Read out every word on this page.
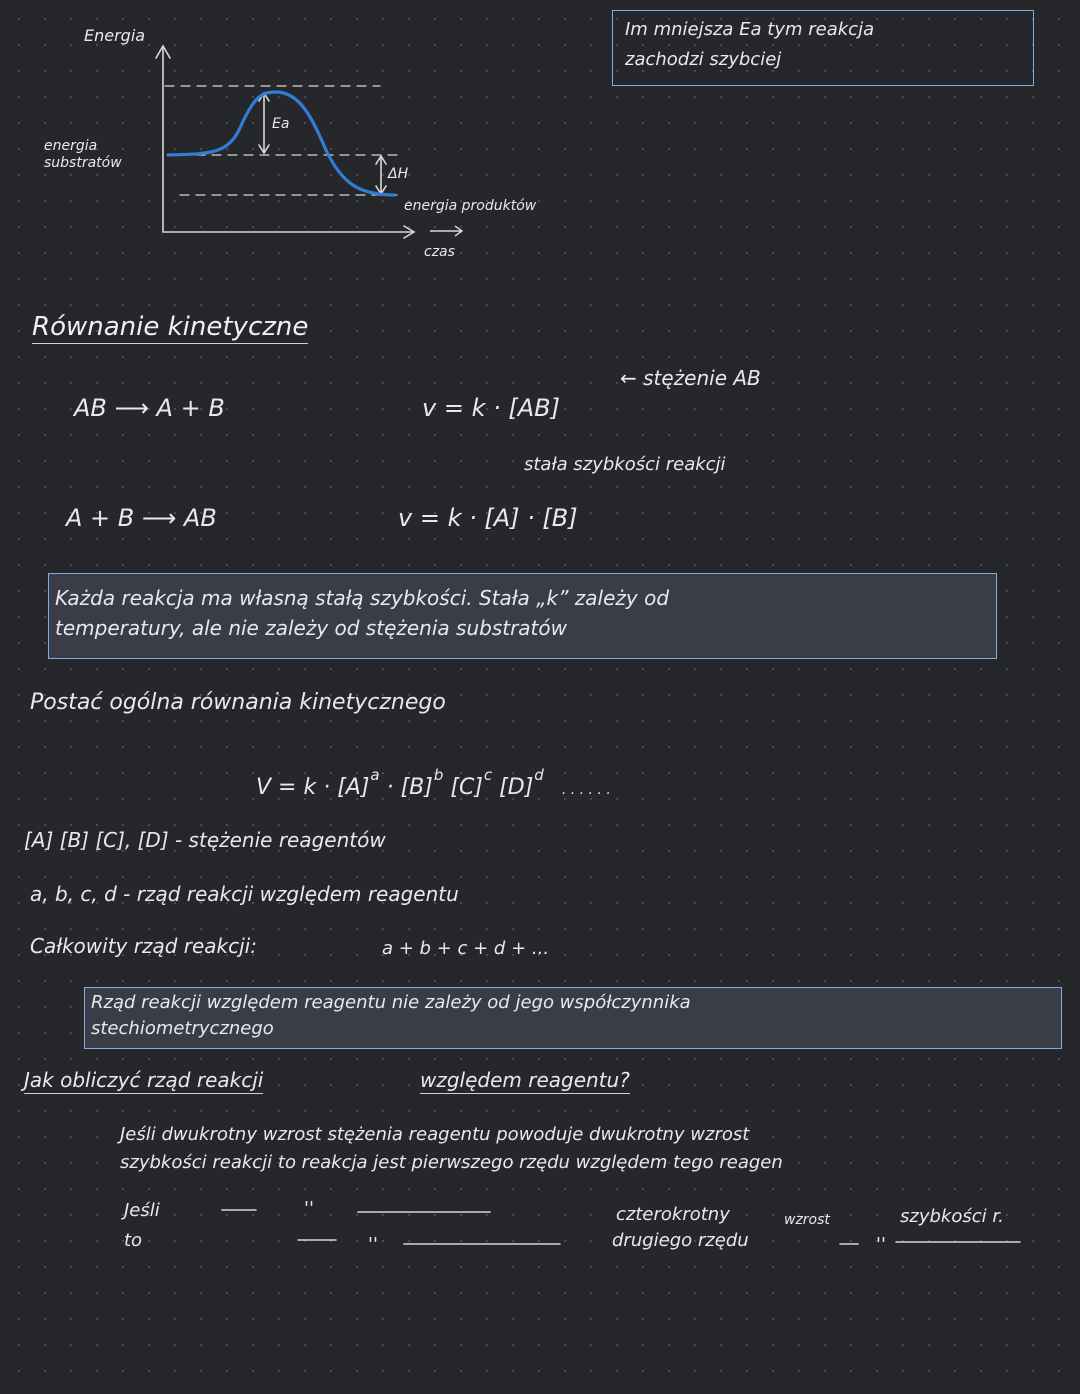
Energia
energia substratów
Ea
ΔH
energia produktów
czas
Im mniejsza Ea tym reakcja
zachodzi szybciej
Równanie kinetyczne
AB ⟶ A + B	v = k · [AB]
← stężenie AB
stała szybkości reakcji
A + B ⟶ AB	v = k · [A] · [B]
Każda reakcja ma własną stałą szybkości. Stała „k” zależy od
temperatury, ale nie zależy od stężenia substratów
Postać ogólna równania kinetycznego
$V = k \cdot [A]^a \cdot [B]^b$ $[C]^c$ $[D]^d$. . . . . .
[A] [B] [C], [D] - stężenie reagentów
a, b, c, d - rząd reakcji względem reagentu
Całkowity rząd reakcji:	a + b + c + d + ...
Rząd reakcji względem reagentu nie zależy od jego współczynnika
stechiometrycznego
Jak obliczyć rząd reakcji	względem reagentu?
Jeśli dwukrotny wzrost stężenia reagentu powoduje dwukrotny wzrost
szybkości reakcji to reakcja jest pierwszego rzędu względem tego reagen
Jeśli
to
''
''
czterokrotny
drugiego rzędu
wzrost
''
szybkości r.
